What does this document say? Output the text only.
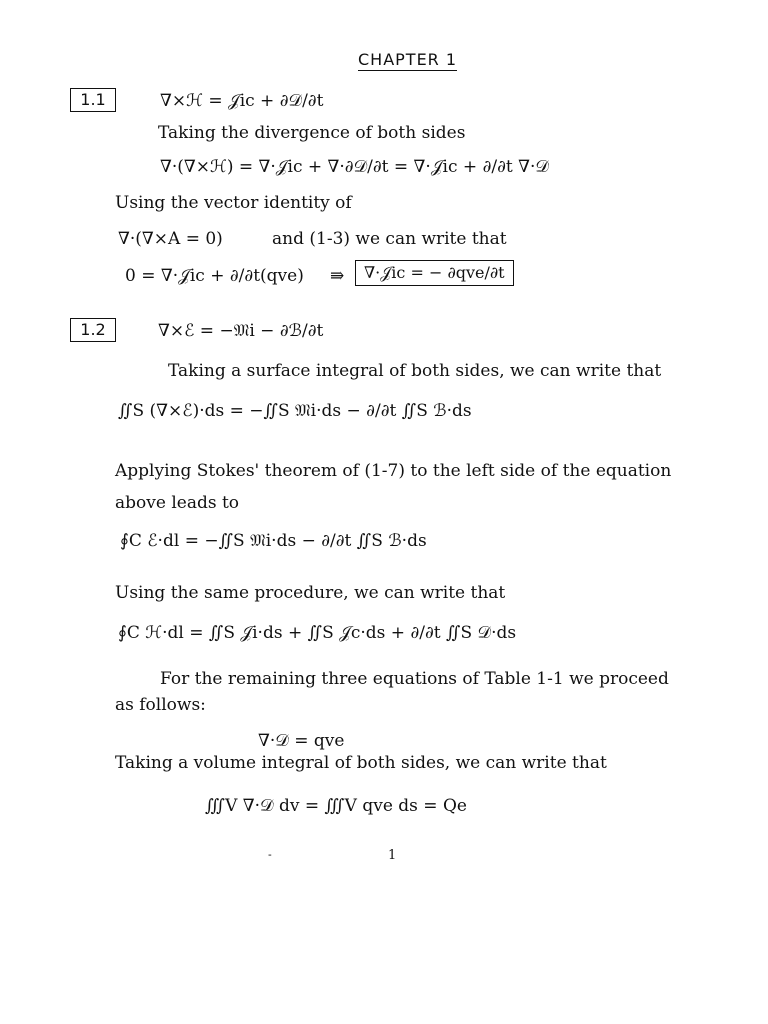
CHAPTER 1
1.1	∇×ℋ = 𝒥ic + ∂𝒟/∂t
Taking the divergence of both sides
∇·(∇×ℋ) = ∇·𝒥ic + ∇·∂𝒟/∂t = ∇·𝒥ic + ∂/∂t ∇·𝒟
Using the vector identity of
∇·(∇×A = 0)	and (1-3) we can write that
0 = ∇·𝒥ic + ∂/∂t(qve) ⇛	∇·𝒥ic = − ∂qve/∂t
1.2	∇×ℰ = −𝔐i − ∂ℬ/∂t
Taking a surface integral of both sides, we can write that
∬S (∇×ℰ)·ds = −∬S 𝔐i·ds − ∂/∂t ∬S ℬ·ds
Applying Stokes' theorem of (1-7) to the left side of the equation
above leads to
∮C ℰ·dl = −∬S 𝔐i·ds − ∂/∂t ∬S ℬ·ds
Using the same procedure, we can write that
∮C ℋ·dl = ∬S 𝒥i·ds + ∬S 𝒥c·ds + ∂/∂t ∬S 𝒟·ds
For the remaining three equations of Table 1-1 we proceed
as follows:
∇·𝒟 = qve
Taking a volume integral of both sides, we can write that
∭V ∇·𝒟 dv = ∭V qve ds = Qe
-	1
